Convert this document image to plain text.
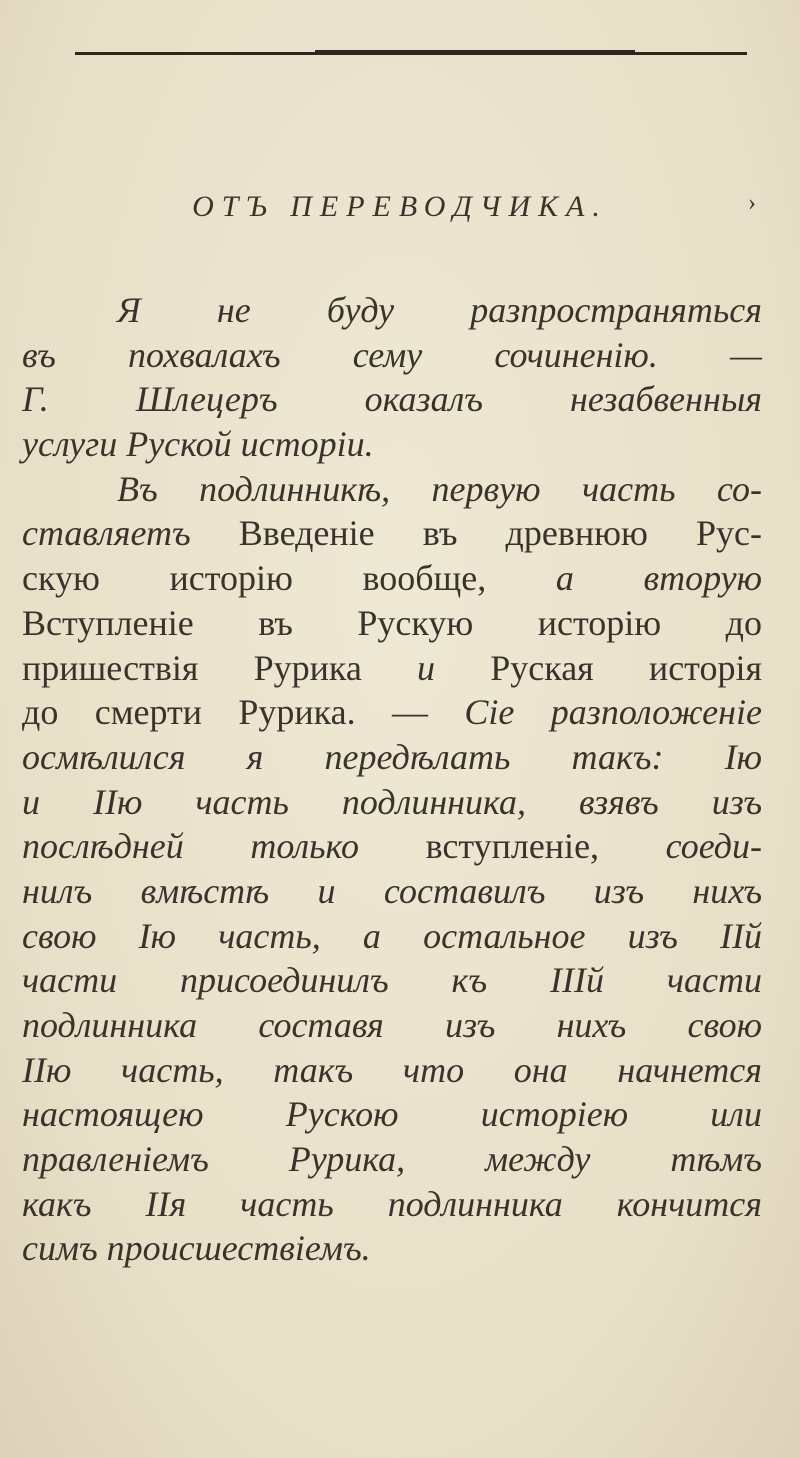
ОТЪ ПЕРЕВОДЧИКА.	›
Я не буду разпространяться
въ похвалахъ сему сочиненiю. —
Г. Шлецеръ оказалъ незабвенныя
услуги Руской исторiи.
Въ подлинникѣ, первую часть со-
ставляетъ Введенiе въ древнюю Рус-
скую исторiю вообще, а вторую
Вступленiе въ Рускую исторiю до
пришествiя Рурика и Руская исторiя
до смерти Рурика. — Сiе разположенiе
осмѣлился я передѣлать такъ: Iю
и IIю часть подлинника, взявъ изъ
послѣдней только вступленiе, соеди-
нилъ вмѣстѣ и составилъ изъ нихъ
свою Iю часть, а остальное изъ IIй
части присоединилъ къ IIIй части
подлинника составя изъ нихъ свою
IIю часть, такъ что она начнется
настоящею Рускою исторiею или
правленiемъ Рурика, между тѣмъ
какъ IIя часть подлинника кончится
симъ происшествiемъ.
